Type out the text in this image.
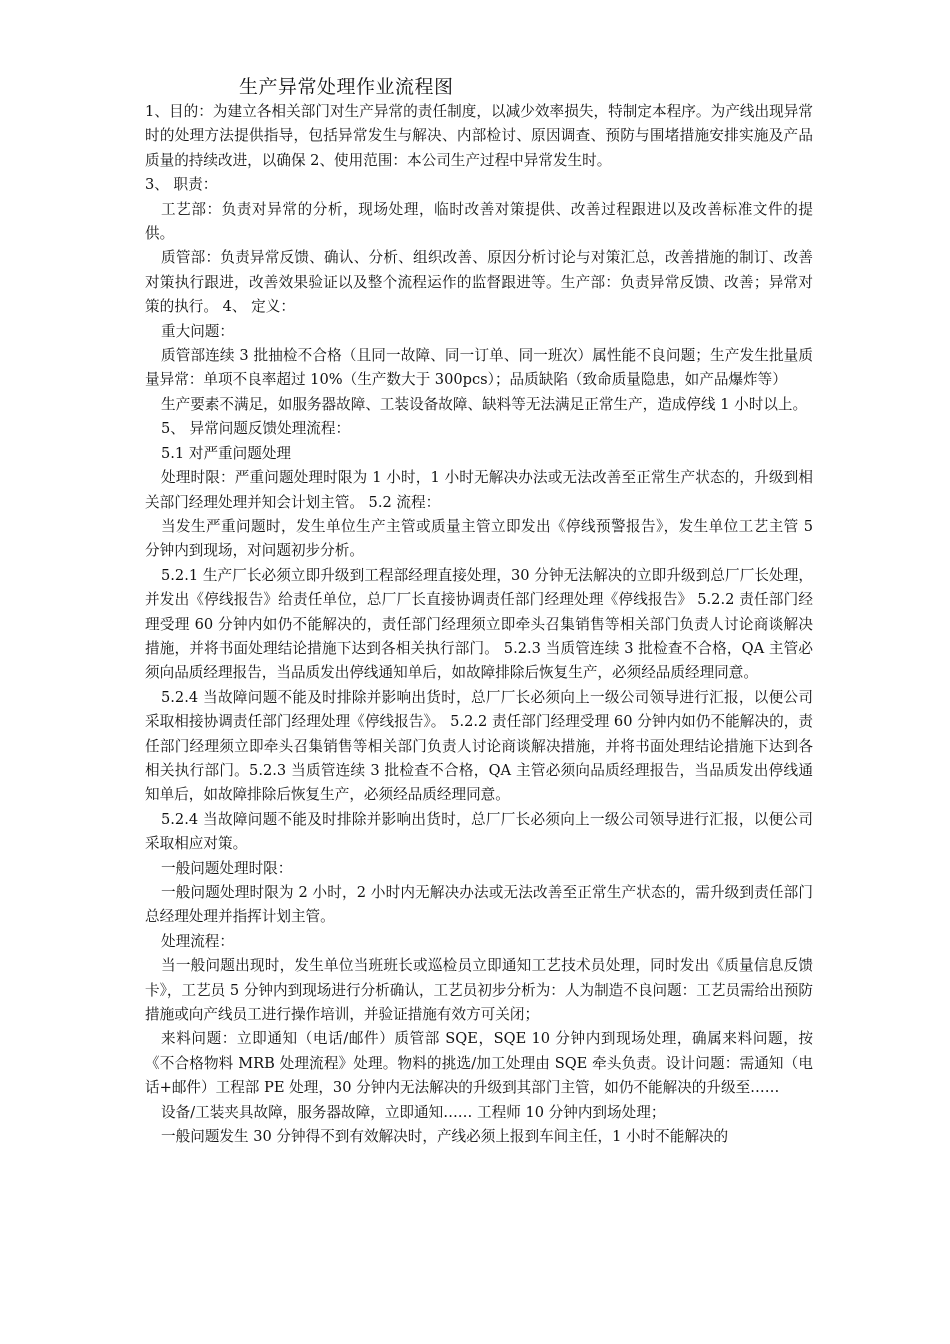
生产异常处理作业流程图

1、目的：为建立各相关部门对生产异常的责任制度，以减少效率损失，特制定本程序。为产线出现异常时的处理方法提供指导，包括异常发生与解决、内部检讨、原因调查、预防与围堵措施安排实施及产品质量的持续改进，以确保 2、使用范围：本公司生产过程中异常发生时。

3、 职责：

工艺部：负责对异常的分析，现场处理，临时改善对策提供、改善过程跟进以及改善标准文件的提供。

质管部：负责异常反馈、确认、分析、组织改善、原因分析讨论与对策汇总，改善措施的制订、改善对策执行跟进，改善效果验证以及整个流程运作的监督跟进等。生产部：负责异常反馈、改善；异常对策的执行。 4、 定义：

重大问题：

质管部连续 3 批抽检不合格（且同一故障、同一订单、同一班次）属性能不良问题；生产发生批量质量异常：单项不良率超过 10%（生产数大于 300pcs）；品质缺陷（致命质量隐患，如产品爆炸等）

生产要素不满足，如服务器故障、工装设备故障、缺料等无法满足正常生产，造成停线 1 小时以上。

5、 异常问题反馈处理流程：

5.1 对严重问题处理

处理时限：严重问题处理时限为 1 小时，1 小时无解决办法或无法改善至正常生产状态的，升级到相关部门经理处理并知会计划主管。 5.2 流程：

当发生严重问题时，发生单位生产主管或质量主管立即发出《停线预警报告》，发生单位工艺主管 5 分钟内到现场，对问题初步分析。

5.2.1 生产厂长必须立即升级到工程部经理直接处理，30 分钟无法解决的立即升级到总厂厂长处理，并发出《停线报告》给责任单位，总厂厂长直接协调责任部门经理处理《停线报告》 5.2.2 责任部门经理受理 60 分钟内如仍不能解决的，责任部门经理须立即牵头召集销售等相关部门负责人讨论商谈解决措施，并将书面处理结论措施下达到各相关执行部门。 5.2.3 当质管连续 3 批检查不合格，QA 主管必须向品质经理报告，当品质发出停线通知单后，如故障排除后恢复生产，必须经品质经理同意。

5.2.4 当故障问题不能及时排除并影响出货时，总厂厂长必须向上一级公司领导进行汇报，以便公司采取相接协调责任部门经理处理《停线报告》。 5.2.2 责任部门经理受理 60 分钟内如仍不能解决的，责任部门经理须立即牵头召集销售等相关部门负责人讨论商谈解决措施，并将书面处理结论措施下达到各相关执行部门。5.2.3 当质管连续 3 批检查不合格，QA 主管必须向品质经理报告，当品质发出停线通知单后，如故障排除后恢复生产，必须经品质经理同意。

5.2.4 当故障问题不能及时排除并影响出货时，总厂厂长必须向上一级公司领导进行汇报，以便公司采取相应对策。

一般问题处理时限：

一般问题处理时限为 2 小时，2 小时内无解决办法或无法改善至正常生产状态的，需升级到责任部门总经理处理并指挥计划主管。

处理流程：

当一般问题出现时，发生单位当班班长或巡检员立即通知工艺技术员处理，同时发出《质量信息反馈卡》，工艺员 5 分钟内到现场进行分析确认，工艺员初步分析为：人为制造不良问题：工艺员需给出预防措施或向产线员工进行操作培训，并验证措施有效方可关闭；

来料问题：立即通知（电话/邮件）质管部 SQE，SQE 10 分钟内到现场处理，确属来料问题，按《不合格物料 MRB 处理流程》处理。物料的挑选/加工处理由 SQE 牵头负责。设计问题：需通知（电话+邮件）工程部 PE 处理，30 分钟内无法解决的升级到其部门主管，如仍不能解决的升级至……

设备/工装夹具故障，服务器故障，立即通知…… 工程师 10 分钟内到场处理；

一般问题发生 30 分钟得不到有效解决时，产线必须上报到车间主任，1 小时不能解决的
